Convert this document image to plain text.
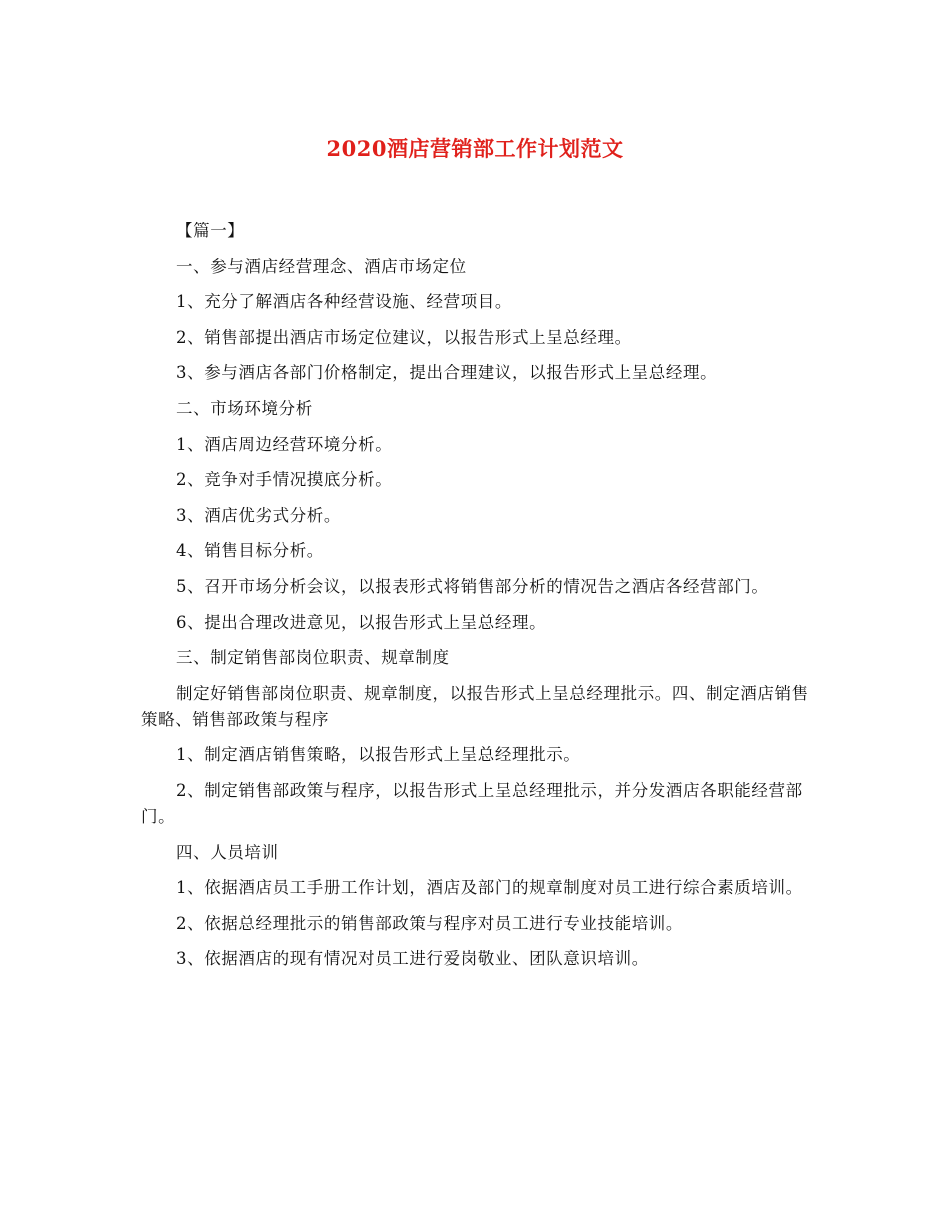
2020酒店营销部工作计划范文

【篇一】

一、参与酒店经营理念、酒店市场定位

1、充分了解酒店各种经营设施、经营项目。

2、销售部提出酒店市场定位建议，以报告形式上呈总经理。

3、参与酒店各部门价格制定，提出合理建议，以报告形式上呈总经理。

二、市场环境分析

1、酒店周边经营环境分析。

2、竞争对手情况摸底分析。

3、酒店优劣式分析。

4、销售目标分析。

5、召开市场分析会议，以报表形式将销售部分析的情况告之酒店各经营部门。

6、提出合理改进意见，以报告形式上呈总经理。

三、制定销售部岗位职责、规章制度

制定好销售部岗位职责、规章制度，以报告形式上呈总经理批示。四、制定酒店销售策略、销售部政策与程序

1、制定酒店销售策略，以报告形式上呈总经理批示。

2、制定销售部政策与程序，以报告形式上呈总经理批示，并分发酒店各职能经营部门。

四、人员培训

1、依据酒店员工手册工作计划，酒店及部门的规章制度对员工进行综合素质培训。

2、依据总经理批示的销售部政策与程序对员工进行专业技能培训。

3、依据酒店的现有情况对员工进行爱岗敬业、团队意识培训。
